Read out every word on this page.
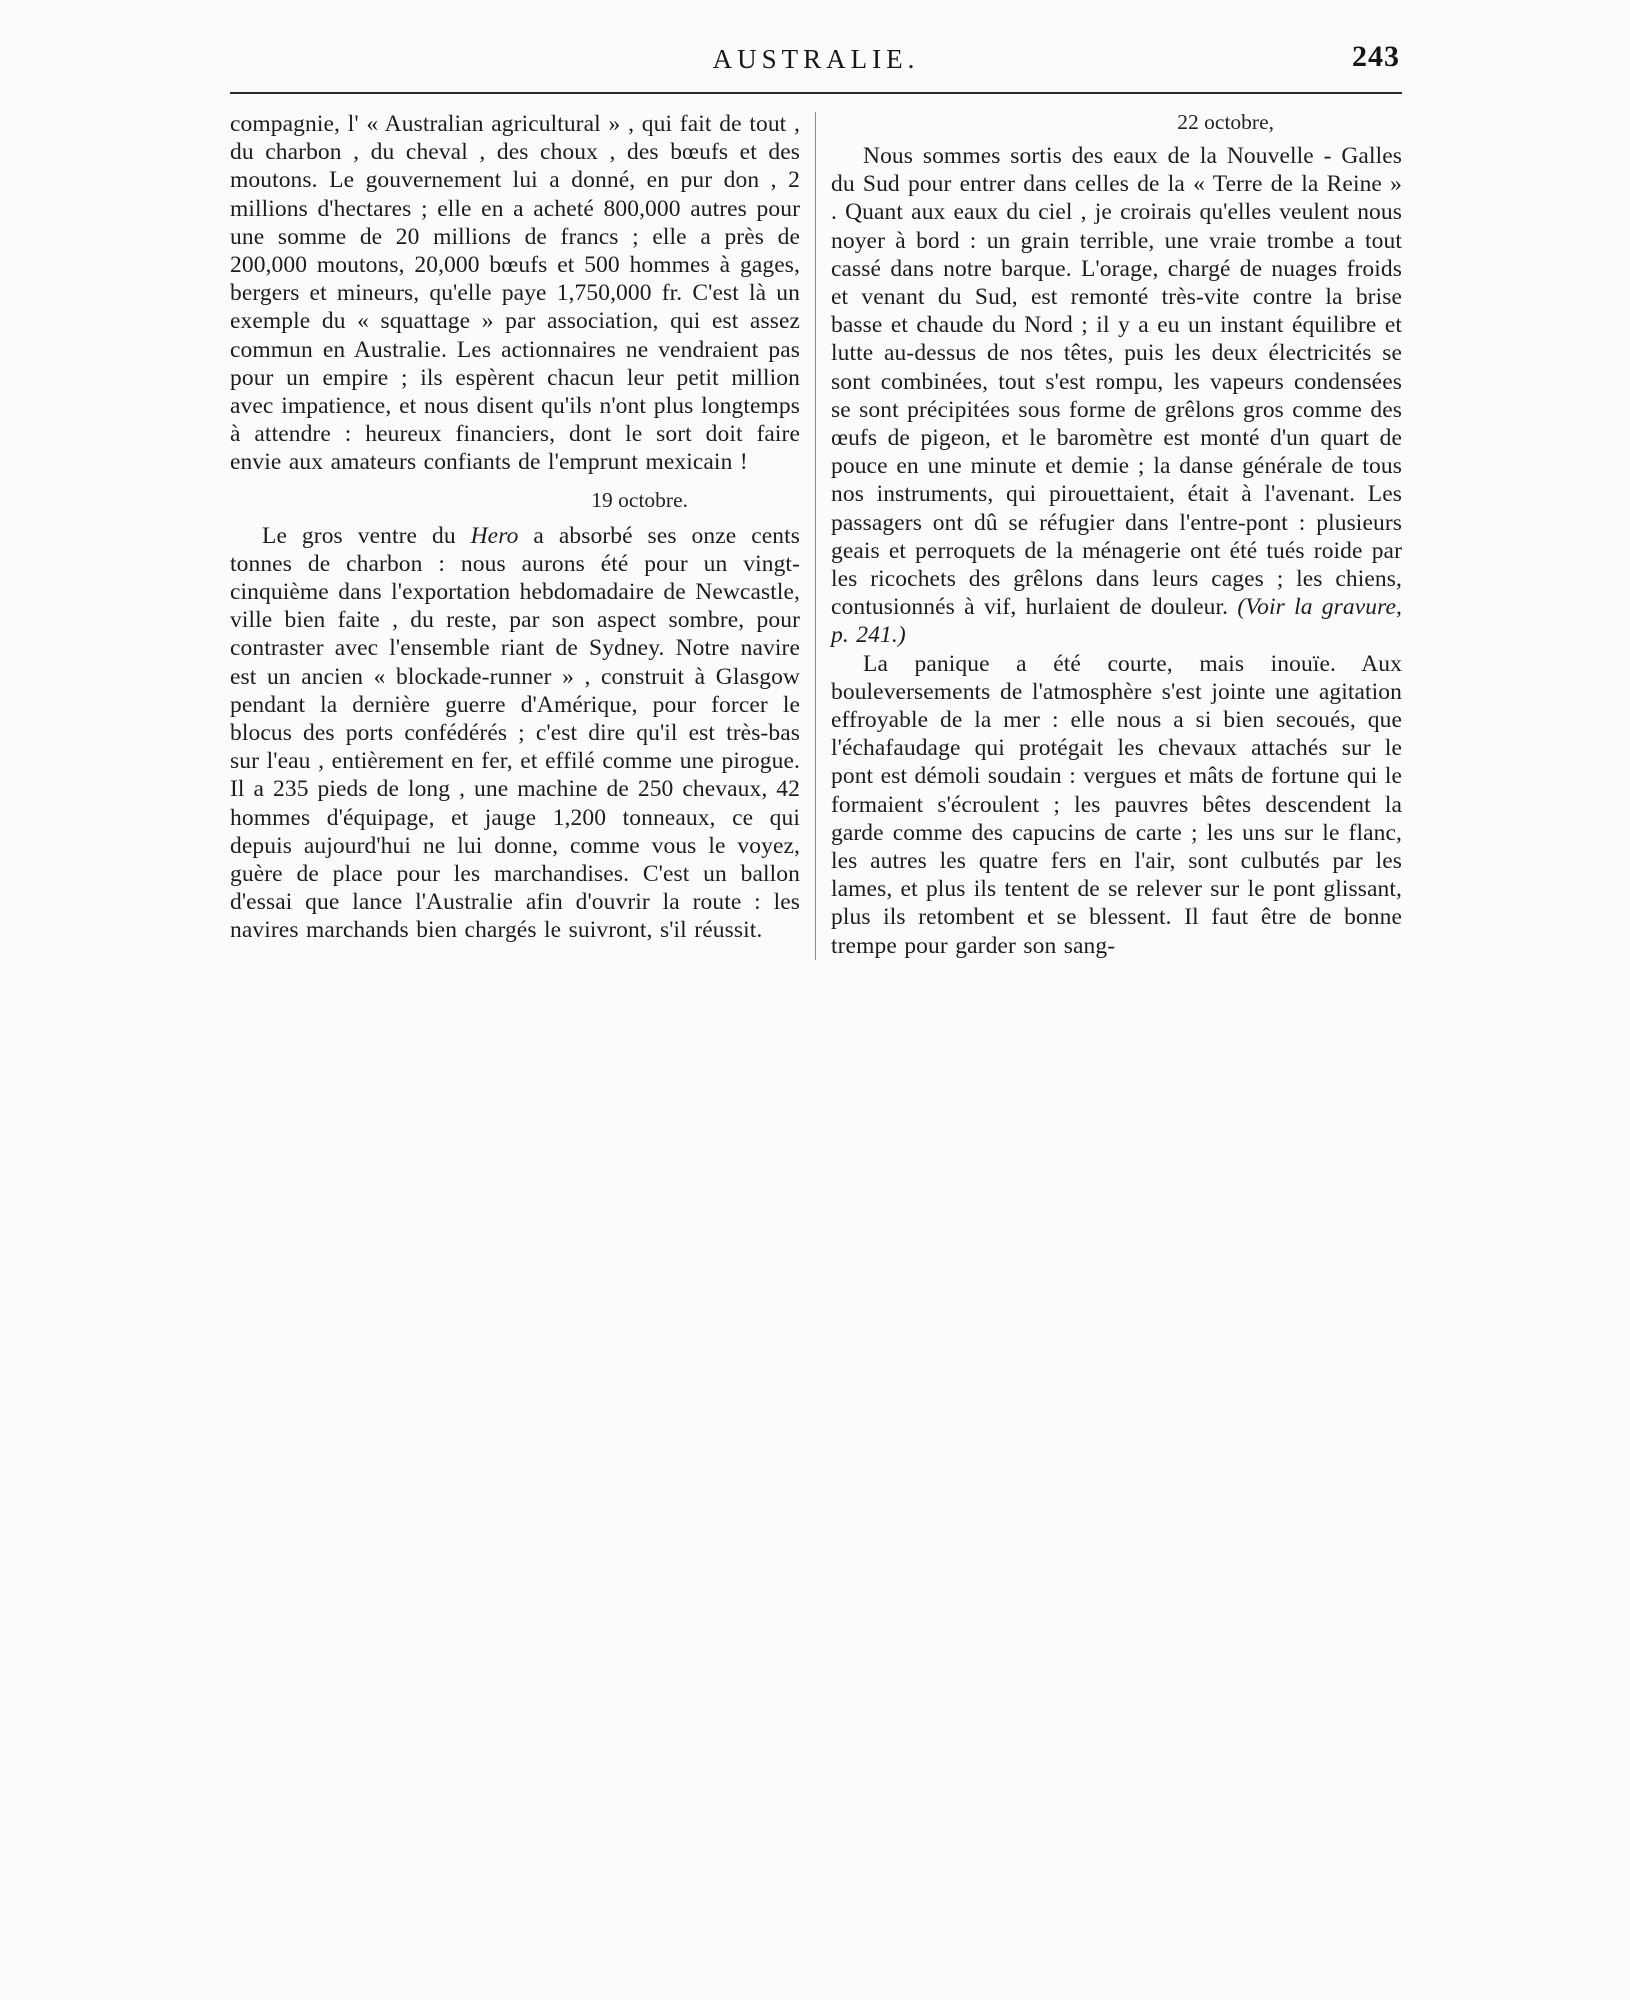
AUSTRALIE.	243

compagnie, l' « Australian agricultural » , qui fait de tout , du charbon , du cheval , des choux , des bœufs et des moutons. Le gouvernement lui a donné, en pur don , 2 millions d'hectares ; elle en a acheté 800,000 autres pour une somme de 20 millions de francs ; elle a près de 200,000 moutons, 20,000 bœufs et 500 hommes à gages, bergers et mineurs, qu'elle paye 1,750,000 fr. C'est là un exemple du « squattage » par association, qui est assez commun en Australie. Les actionnaires ne vendraient pas pour un empire ; ils espèrent chacun leur petit million avec impatience, et nous disent qu'ils n'ont plus longtemps à attendre : heureux financiers, dont le sort doit faire envie aux amateurs confiants de l'emprunt mexicain !

19 octobre.

Le gros ventre du Hero a absorbé ses onze cents tonnes de charbon : nous aurons été pour un vingt-cinquième dans l'exportation hebdomadaire de Newcastle, ville bien faite , du reste, par son aspect sombre, pour contraster avec l'ensemble riant de Sydney. Notre navire est un ancien « blockade-runner » , construit à Glasgow pendant la dernière guerre d'Amérique, pour forcer le blocus des ports confédérés ; c'est dire qu'il est très-bas sur l'eau , entièrement en fer, et effilé comme une pirogue. Il a 235 pieds de long , une machine de 250 chevaux, 42 hommes d'équipage, et jauge 1,200 tonneaux, ce qui depuis aujourd'hui ne lui donne, comme vous le voyez, guère de place pour les marchandises. C'est un ballon d'essai que lance l'Australie afin d'ouvrir la route : les navires marchands bien chargés le suivront, s'il réussit.

22 octobre,

Nous sommes sortis des eaux de la Nouvelle - Galles du Sud pour entrer dans celles de la « Terre de la Reine » . Quant aux eaux du ciel , je croirais qu'elles veulent nous noyer à bord : un grain terrible, une vraie trombe a tout cassé dans notre barque. L'orage, chargé de nuages froids et venant du Sud, est remonté très-vite contre la brise basse et chaude du Nord ; il y a eu un instant équilibre et lutte au-dessus de nos têtes, puis les deux électricités se sont combinées, tout s'est rompu, les vapeurs condensées se sont précipitées sous forme de grêlons gros comme des œufs de pigeon, et le baromètre est monté d'un quart de pouce en une minute et demie ; la danse générale de tous nos instruments, qui pirouettaient, était à l'avenant. Les passagers ont dû se réfugier dans l'entre-pont : plusieurs geais et perroquets de la ménagerie ont été tués roide par les ricochets des grêlons dans leurs cages ; les chiens, contusionnés à vif, hurlaient de douleur. (Voir la gravure, p. 241.)

La panique a été courte, mais inouïe. Aux bouleversements de l'atmosphère s'est jointe une agitation effroyable de la mer : elle nous a si bien secoués, que l'échafaudage qui protégait les chevaux attachés sur le pont est démoli soudain : vergues et mâts de fortune qui le formaient s'écroulent ; les pauvres bêtes descendent la garde comme des capucins de carte ; les uns sur le flanc, les autres les quatre fers en l'air, sont culbutés par les lames, et plus ils tentent de se relever sur le pont glissant, plus ils retombent et se blessent. Il faut être de bonne trempe pour garder son sang-
